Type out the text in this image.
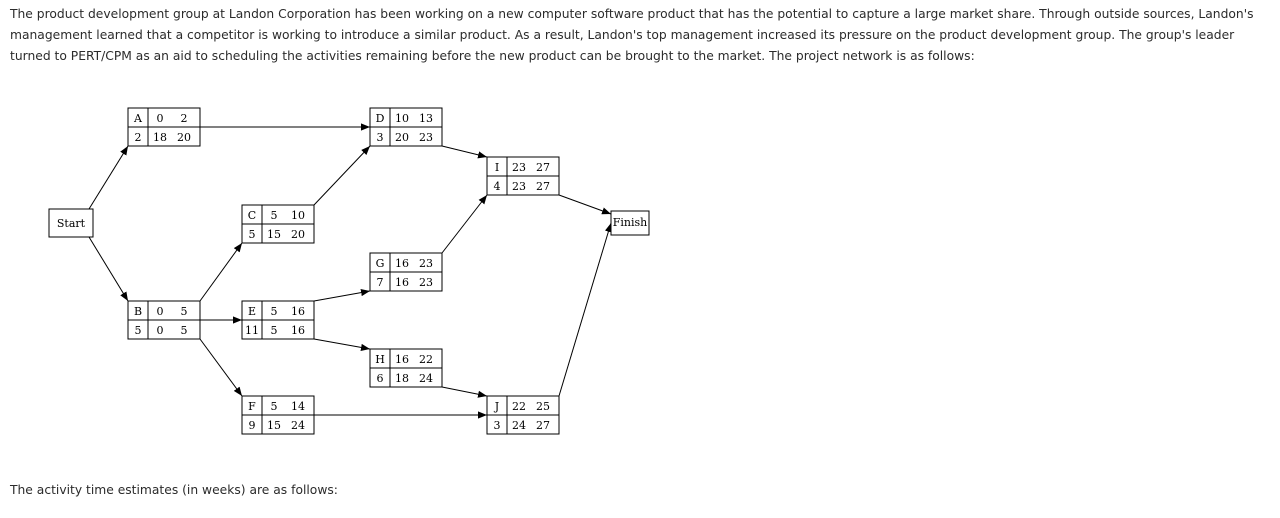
The product development group at Landon Corporation has been working on a new computer software product that has the potential to capture a large market share. Through outside sources, Landon's management learned that a competitor is working to introduce a similar product. As a result, Landon's top management increased its pressure on the product development group. The group's leader turned to PERT/CPM as an aid to scheduling the activities remaining before the new product can be brought to the market. The project network is as follows:
Start	Finish
A
2
0 2
18 20
B
5
0 5
0 5
C
5
5 10
15 20
D
3
10 13
20 23
E
11
5 16
5 16
F
9
5 14
15 24
G
7
16 23
16 23
H
6
16 22
18 24
I
4
23 27
23 27
J
3
22 25
24 27
The activity time estimates (in weeks) are as follows:
